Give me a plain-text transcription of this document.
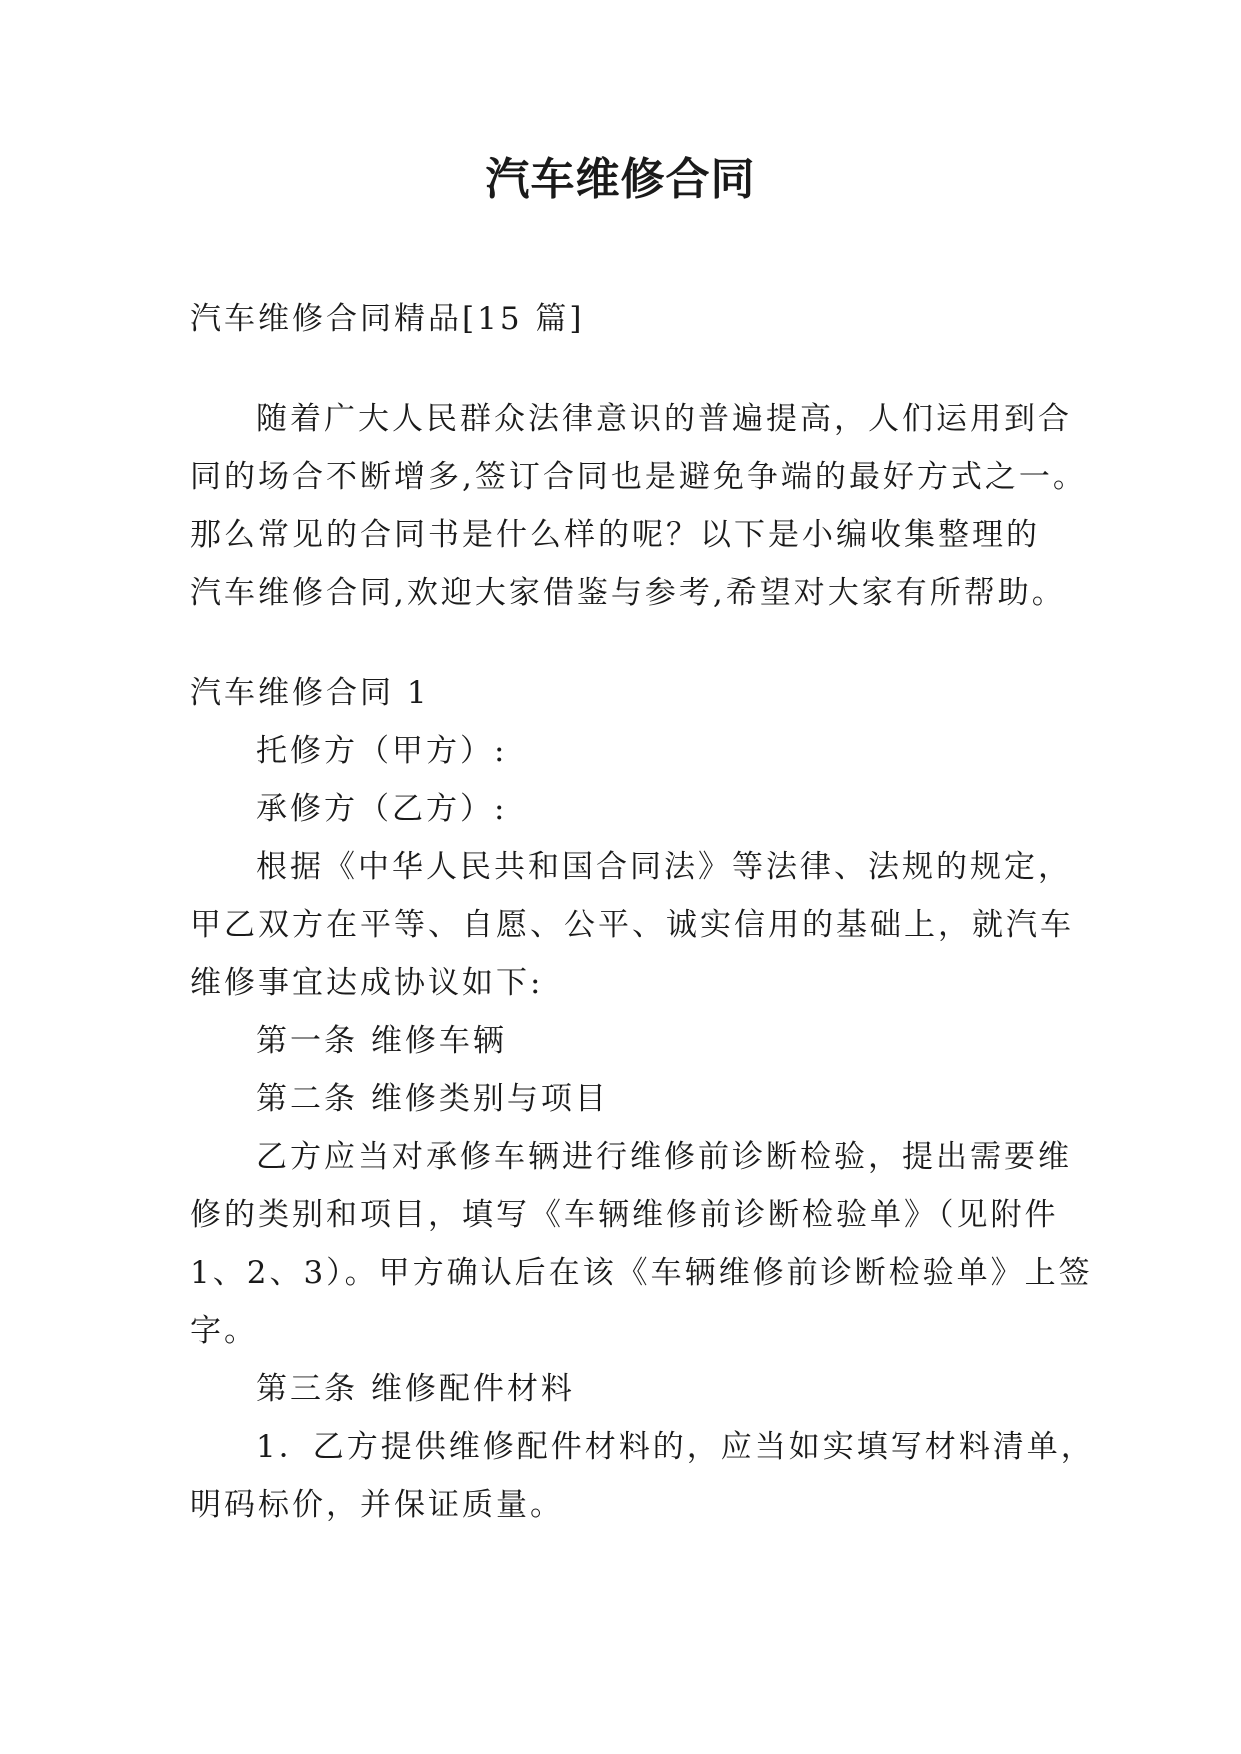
汽车维修合同
汽车维修合同精品[15 篇]
随着广大人民群众法律意识的普遍提高，人们运用到合
同的场合不断增多,签订合同也是避免争端的最好方式之一。
那么常见的合同书是什么样的呢？以下是小编收集整理的
汽车维修合同,欢迎大家借鉴与参考,希望对大家有所帮助。
汽车维修合同 1
托修方（甲方）:
承修方（乙方）:
根据《中华人民共和国合同法》等法律、法规的规定，
甲乙双方在平等、自愿、公平、诚实信用的基础上，就汽车
维修事宜达成协议如下:
第一条 维修车辆
第二条 维修类别与项目
乙方应当对承修车辆进行维修前诊断检验，提出需要维
修的类别和项目，填写《车辆维修前诊断检验单》（见附件
1、2、3）。甲方确认后在该《车辆维修前诊断检验单》上签
字。
第三条 维修配件材料
1．乙方提供维修配件材料的，应当如实填写材料清单，
明码标价，并保证质量。
